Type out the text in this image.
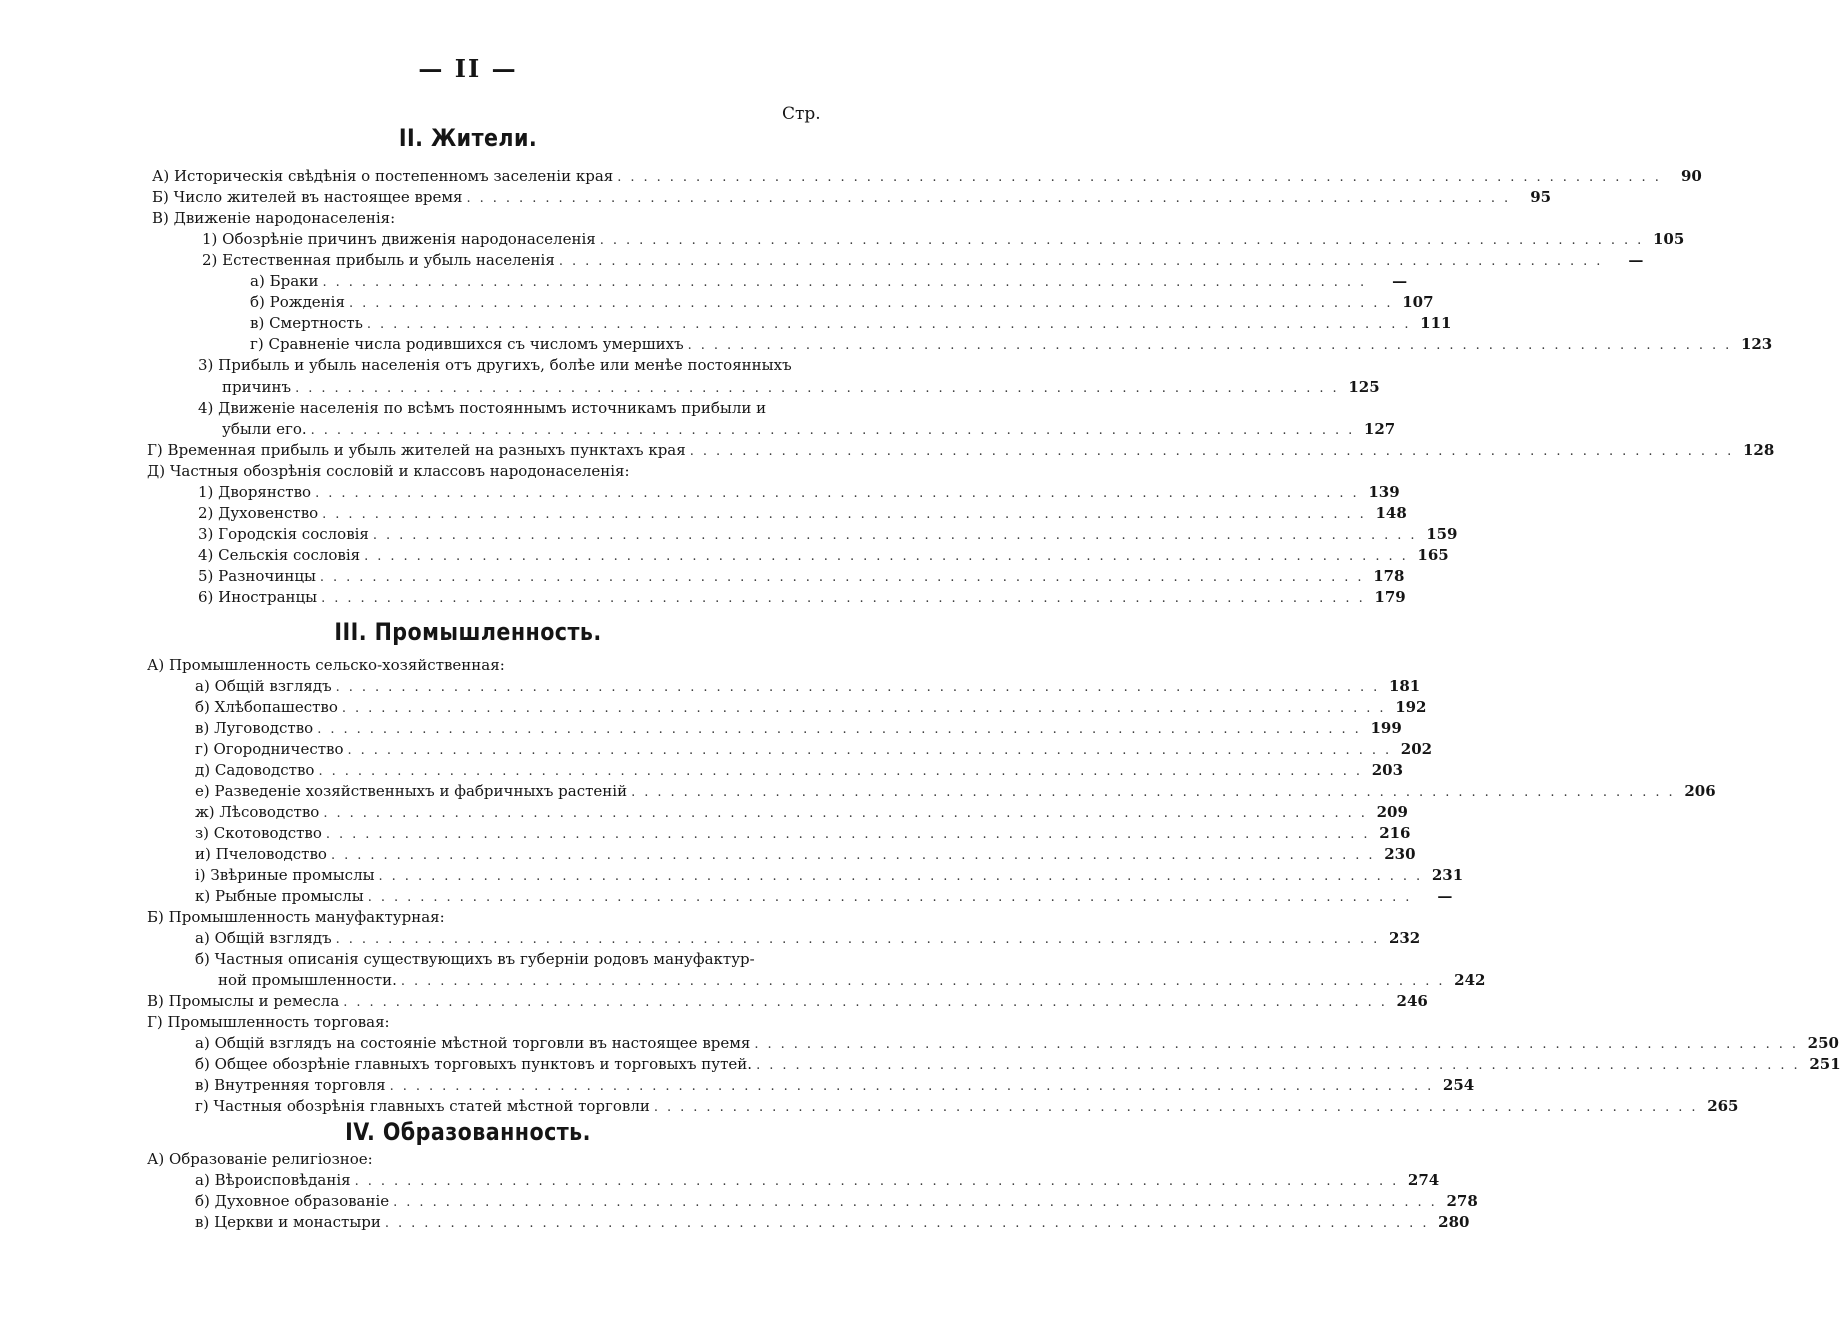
— II —
Стр.
II. Жители.
III. Промышленность.
IV. Образованность.
А) Историческія свѣдѣнія о постепенномъ заселеніи края ................................................................................ 90
Б) Число жителей въ настоящее время ................................................................................ 95
В) Движеніе народонаселенія:
1) Обозрѣніе причинъ движенія народонаселенія ................................................................................ 105
2) Естественная прибыль и убыль населенія ................................................................................	—
а) Браки ................................................................................	—
б) Рожденія ................................................................................ 107
в) Смертность ................................................................................ 111
г) Сравненіе числа родившихся съ числомъ умершихъ ................................................................................ 123
3) Прибыль и убыль населенія отъ другихъ, болѣе или менѣе постоянныхъ
причинъ ................................................................................ 125
4) Движеніе населенія по всѣмъ постояннымъ источникамъ прибыли и
убыли его. ................................................................................ 127
Г) Временная прибыль и убыль жителей на разныхъ пунктахъ края ................................................................................ 128
Д) Частныя обозрѣнія сословій и классовъ народонаселенія:
1) Дворянство ................................................................................ 139
2) Духовенство ................................................................................ 148
3) Городскія сословія ................................................................................ 159
4) Сельскія сословія ................................................................................ 165
5) Разночинцы ................................................................................ 178
6) Иностранцы ................................................................................ 179
А) Промышленность сельско-хозяйственная:
а) Общій взглядъ ................................................................................ 181
б) Хлѣбопашество ................................................................................ 192
в) Луговодство ................................................................................ 199
г) Огородничество ................................................................................ 202
д) Садоводство ................................................................................ 203
е) Разведеніе хозяйственныхъ и фабричныхъ растеній ................................................................................ 206
ж) Лѣсоводство ................................................................................ 209
з) Скотоводство ................................................................................ 216
и) Пчеловодство ................................................................................ 230
і) Звѣриные промыслы ................................................................................ 231
к) Рыбные промыслы ................................................................................	—
Б) Промышленность мануфактурная:
а) Общій взглядъ ................................................................................ 232
б) Частныя описанія существующихъ въ губерніи родовъ мануфактур-
ной промышленности. ................................................................................ 242
В) Промыслы и ремесла ................................................................................ 246
Г) Промышленность торговая:
а) Общій взглядъ на состояніе мѣстной торговли въ настоящее время ................................................................................ 250
б) Общее обозрѣніе главныхъ торговыхъ пунктовъ и торговыхъ путей. ................................................................................ 251
в) Внутренняя торговля ................................................................................ 254
г) Частныя обозрѣнія главныхъ статей мѣстной торговли ................................................................................ 265
А) Образованіе религіозное:
а) Вѣроисповѣданія ................................................................................ 274
б) Духовное образованіе ................................................................................ 278
в) Церкви и монастыри ................................................................................ 280
